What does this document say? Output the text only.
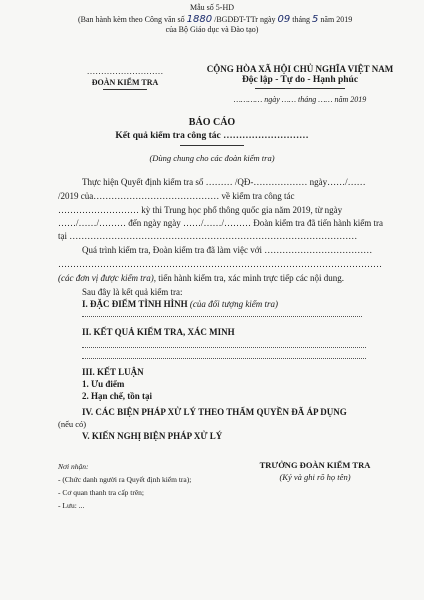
Mẫu số 5-HD
(Ban hành kèm theo Công văn số 1880 /BGDĐT-TTr ngày 09 tháng 5 năm 2019
của Bộ Giáo dục và Đào tạo)
………………………
ĐOÀN KIỂM TRA
CỘNG HÒA XÃ HỘI CHỦ NGHĨA VIỆT NAM
Độc lập - Tự do - Hạnh phúc
………… ngày …… tháng …… năm 2019
BÁO CÁO
Kết quả kiểm tra công tác ………………………
(Dùng chung cho các đoàn kiểm tra)
Thực hiện Quyết định kiểm tra số ……… /QĐ-……………… ngày……/……
/2019 của…………………………………… về kiểm tra công tác
……………………… kỳ thi Trung học phổ thông quốc gia năm 2019, từ ngày
……/……/……… đến ngày ngày ……/……/……… Đoàn kiểm tra đã tiến hành kiểm tra
tại ……………………………………………………………………………………
Quá trình kiểm tra, Đoàn kiểm tra đã làm việc với ………………………………
………………………………………………………………………………………………
(các đơn vị được kiểm tra), tiến hành kiểm tra, xác minh trực tiếp các nội dung.
Sau đây là kết quả kiểm tra:
I. ĐẶC ĐIỂM TÌNH HÌNH (của đối tượng kiểm tra)
II. KẾT QUẢ KIỂM TRA, XÁC MINH
III. KẾT LUẬN
1. Ưu điểm
2. Hạn chế, tồn tại
IV. CÁC BIỆN PHÁP XỬ LÝ THEO THẨM QUYỀN ĐÃ ÁP DỤNG
(nếu có)
V. KIẾN NGHỊ BIỆN PHÁP XỬ LÝ
Nơi nhận:
- (Chức danh người ra Quyết định kiểm tra);
- Cơ quan thanh tra cấp trên;
- Lưu: ...
TRƯỞNG ĐOÀN KIỂM TRA
(Ký và ghi rõ họ tên)
